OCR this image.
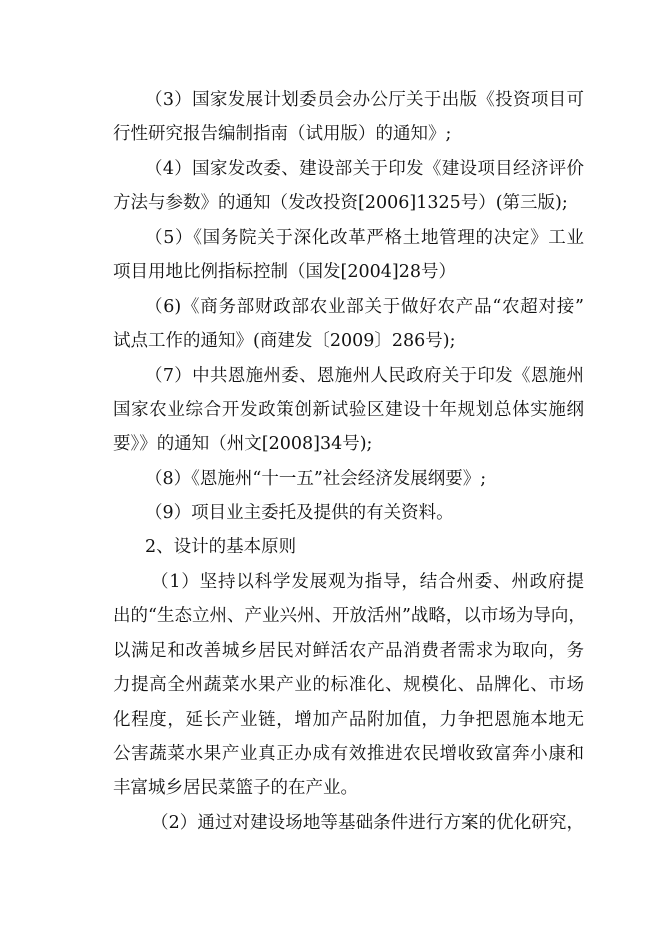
（3）国家发展计划委员会办公厅关于出版《投资项目可
行性研究报告编制指南（试用版）的通知》;
（4）国家发改委、建设部关于印发《建设项目经济评价
方法与参数》的通知（发改投资[2006]1325号）(第三版);
（5）《国务院关于深化改革严格土地管理的决定》工业
项目用地比例指标控制（国发[2004]28号）
（6)《商务部财政部农业部关于做好农产品“农超对接”
试点工作的通知》(商建发〔2009〕286号);
（7）中共恩施州委、恩施州人民政府关于印发《恩施州
国家农业综合开发政策创新试验区建设十年规划总体实施纲
要》》的通知（州文[2008]34号);
（8）《恩施州“十一五”社会经济发展纲要》;
（9）项目业主委托及提供的有关资料。
2、设计的基本原则
（1）坚持以科学发展观为指导，结合州委、州政府提
出的“生态立州、产业兴州、开放活州”战略，以市场为导向，
以满足和改善城乡居民对鲜活农产品消费者需求为取向，务
力提高全州蔬菜水果产业的标准化、规模化、品牌化、市场
化程度，延长产业链，增加产品附加值，力争把恩施本地无
公害蔬菜水果产业真正办成有效推进农民增收致富奔小康和
丰富城乡居民菜篮子的在产业。
（2）通过对建设场地等基础条件进行方案的优化研究，
